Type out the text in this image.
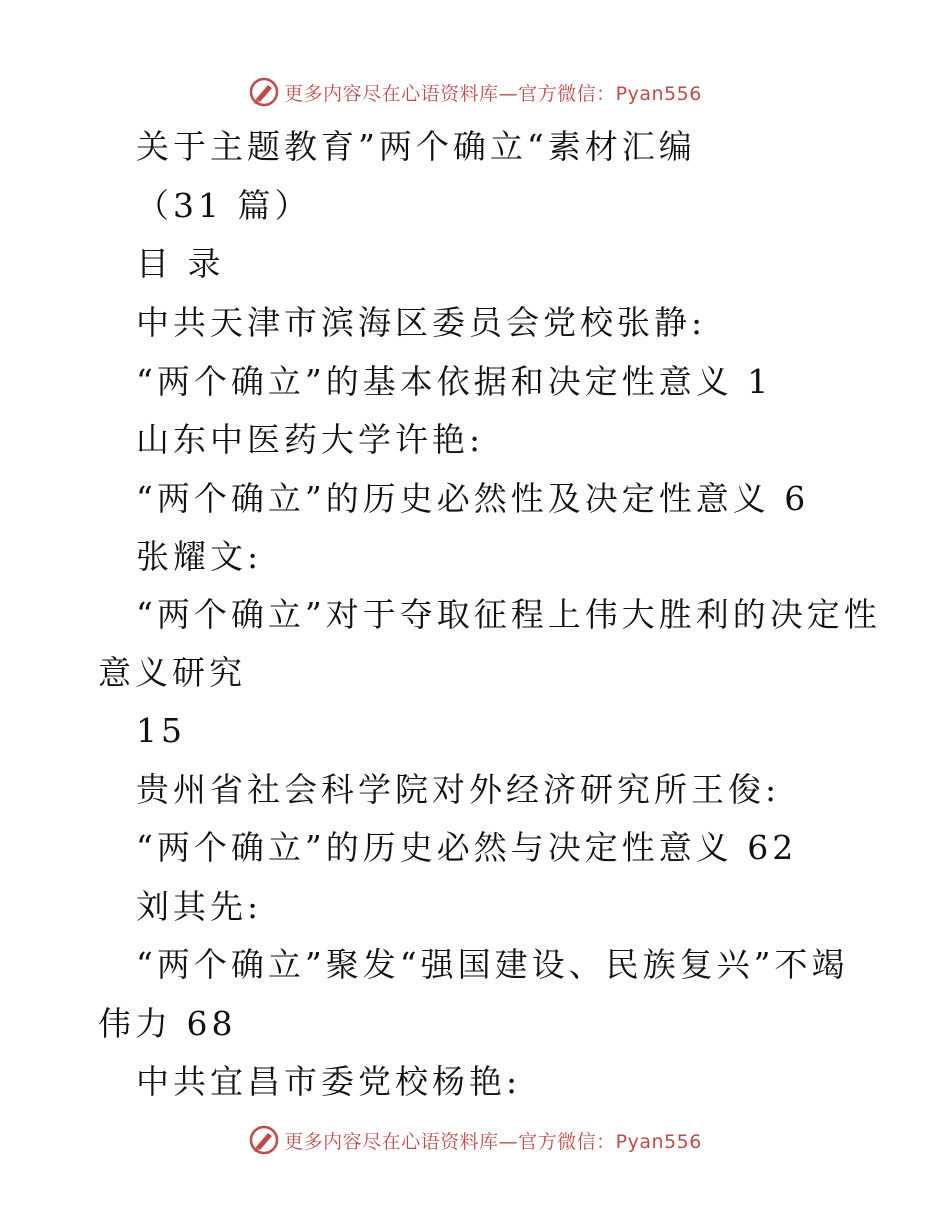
更多内容尽在心语资料库—官方微信：Pyan556
关于主题教育”两个确立“素材汇编
（31 篇）
目 录
中共天津市滨海区委员会党校张静:
“两个确立”的基本依据和决定性意义 1
山东中医药大学许艳:
“两个确立”的历史必然性及决定性意义 6
张耀文:
“两个确立”对于夺取征程上伟大胜利的决定性
意义研究
15
贵州省社会科学院对外经济研究所王俊:
“两个确立”的历史必然与决定性意义 62
刘其先:
“两个确立”聚发“强国建设、民族复兴”不竭
伟力 68
中共宜昌市委党校杨艳:
更多内容尽在心语资料库—官方微信：Pyan556
